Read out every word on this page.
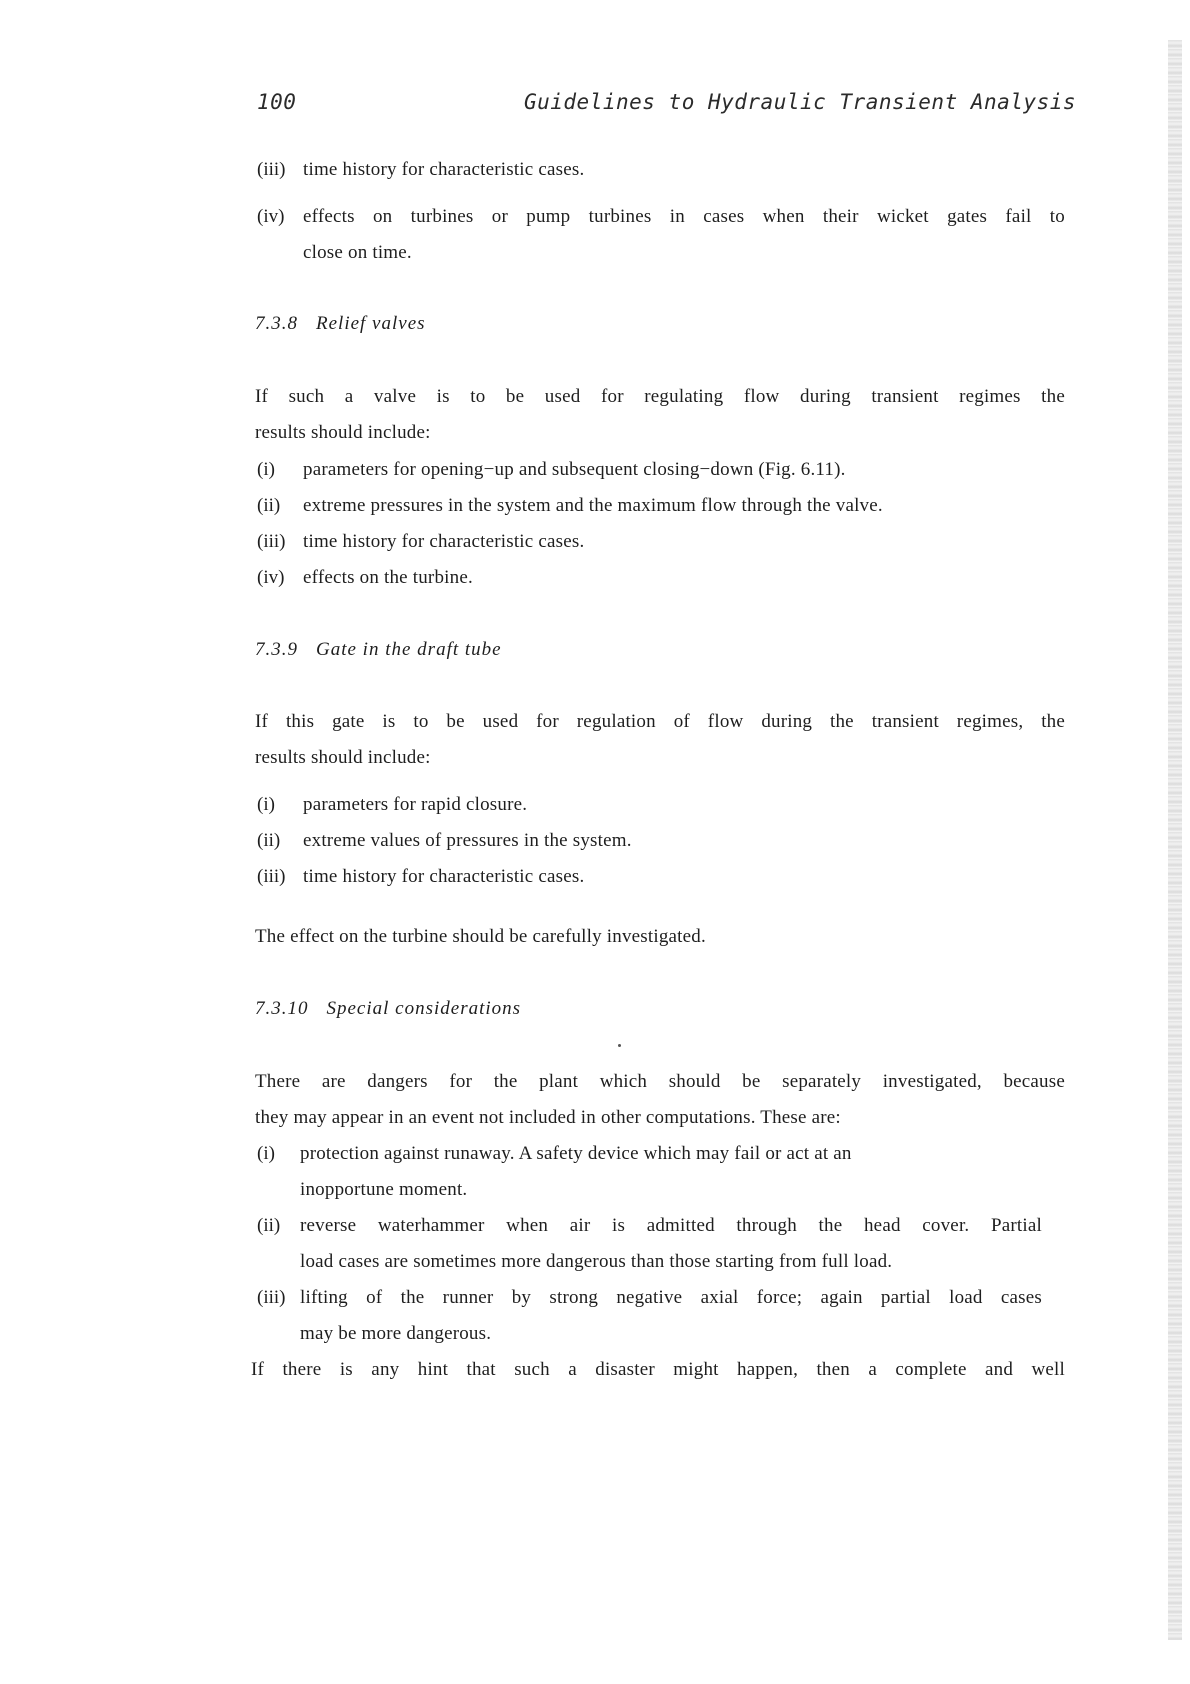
100	Guidelines to Hydraulic Transient Analysis
(iii) time history for characteristic cases.
(iv) effects on turbines or pump turbines in cases when their wicket gates fail to
close on time.
7.3.8 Relief valves
If such a valve is to be used for regulating flow during transient regimes the
results should include:
(i) parameters for opening−up and subsequent closing−down (Fig. 6.11).
(ii) extreme pressures in the system and the maximum flow through the valve.
(iii) time history for characteristic cases.
(iv) effects on the turbine.
7.3.9 Gate in the draft tube
If this gate is to be used for regulation of flow during the transient regimes, the
results should include:
(i) parameters for rapid closure.
(ii) extreme values of pressures in the system.
(iii) time history for characteristic cases.
The effect on the turbine should be carefully investigated.
7.3.10 Special considerations
There are dangers for the plant which should be separately investigated, because
they may appear in an event not included in other computations. These are:
(i) protection against runaway. A safety device which may fail or act at an
inopportune moment.
(ii) reverse waterhammer when air is admitted through the head cover. Partial
load cases are sometimes more dangerous than those starting from full load.
(iii) lifting of the runner by strong negative axial force; again partial load cases
may be more dangerous.
If there is any hint that such a disaster might happen, then a complete and well
